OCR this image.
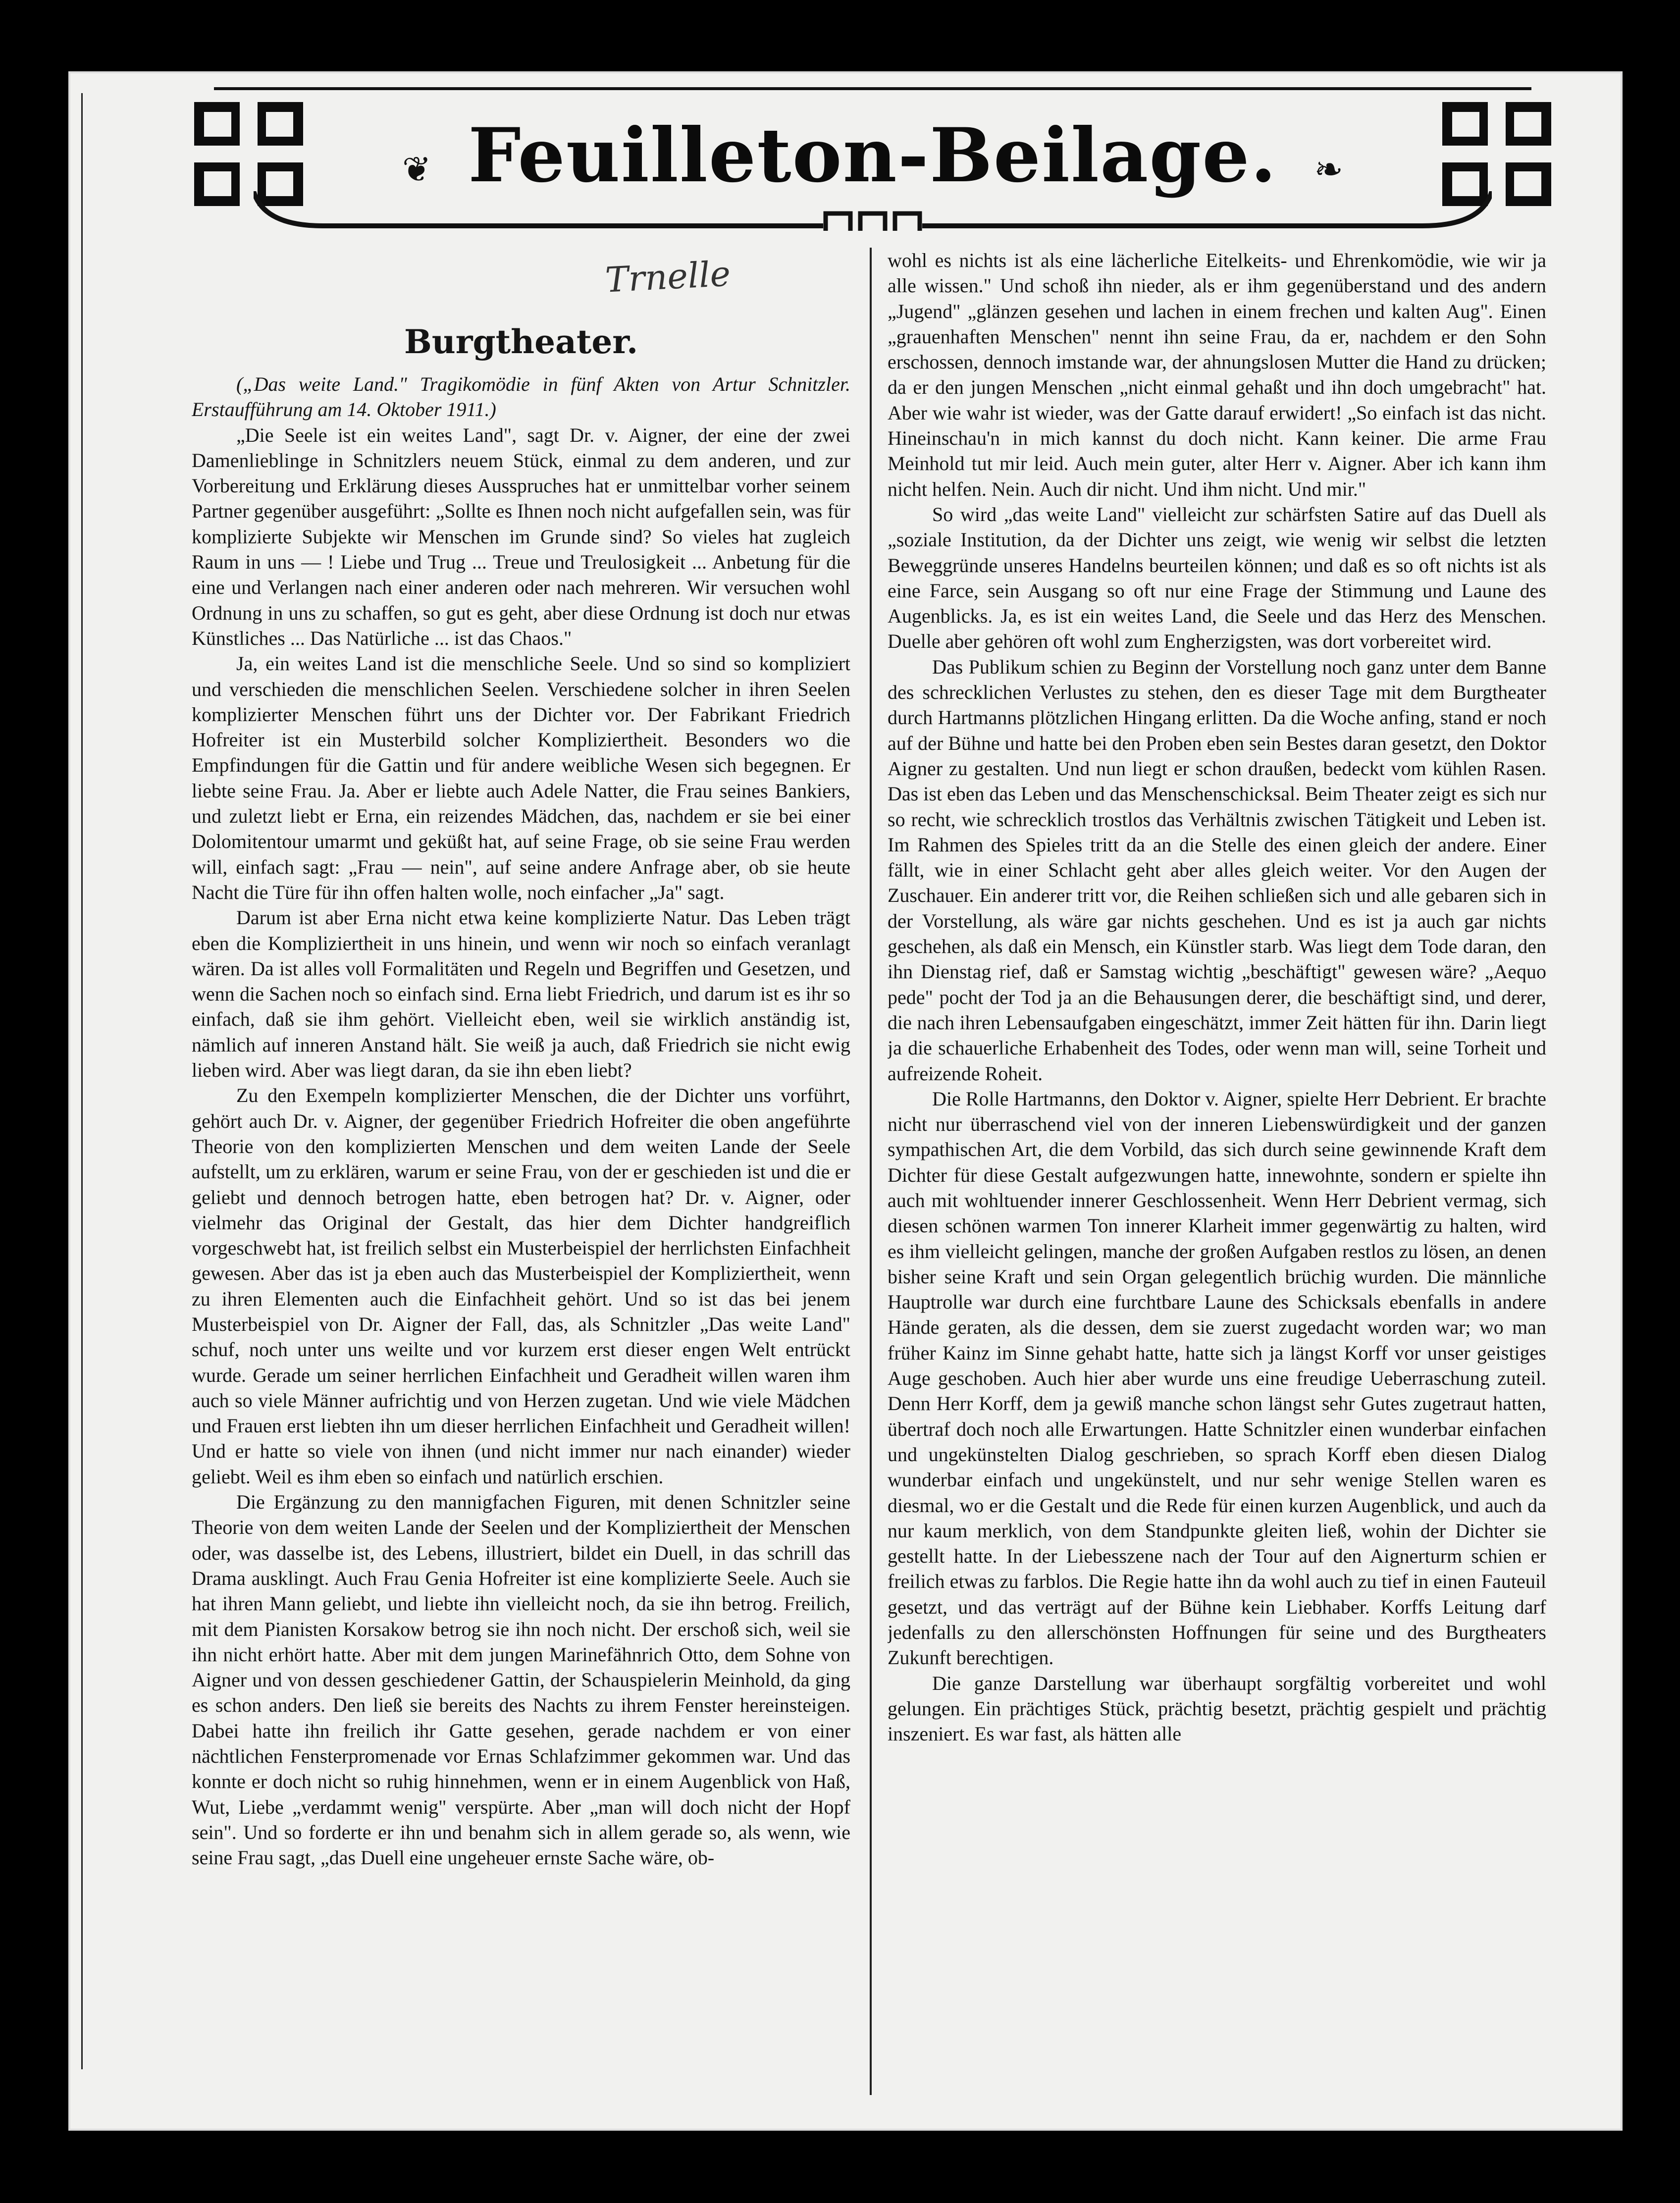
❦ Feuilleton-Beilage.	❧
Burgtheater.

(„Das weite Land." Tragikomödie in fünf Akten von Artur Schnitzler. Erstaufführung am 14. Oktober 1911.)

„Die Seele ist ein weites Land", sagt Dr. v. Aigner, der eine der zwei Damenlieblinge in Schnitzlers neuem Stück, einmal zu dem anderen, und zur Vorbereitung und Erklärung dieses Ausspruches hat er unmittelbar vorher seinem Partner gegenüber ausgeführt: „Sollte es Ihnen noch nicht aufgefallen sein, was für komplizierte Subjekte wir Menschen im Grunde sind? So vieles hat zugleich Raum in uns — ! Liebe und Trug ... Treue und Treulosigkeit ... Anbetung für die eine und Verlangen nach einer anderen oder nach mehreren. Wir versuchen wohl Ordnung in uns zu schaffen, so gut es geht, aber diese Ordnung ist doch nur etwas Künstliches ... Das Natürliche ... ist das Chaos."

Ja, ein weites Land ist die menschliche Seele. Und so sind so kompliziert und verschieden die menschlichen Seelen. Verschiedene solcher in ihren Seelen komplizierter Menschen führt uns der Dichter vor. Der Fabrikant Friedrich Hofreiter ist ein Musterbild solcher Kompliziertheit. Besonders wo die Empfindungen für die Gattin und für andere weibliche Wesen sich begegnen. Er liebte seine Frau. Ja. Aber er liebte auch Adele Natter, die Frau seines Bankiers, und zuletzt liebt er Erna, ein reizendes Mädchen, das, nachdem er sie bei einer Dolomitentour umarmt und geküßt hat, auf seine Frage, ob sie seine Frau werden will, einfach sagt: „Frau — nein", auf seine andere Anfrage aber, ob sie heute Nacht die Türe für ihn offen halten wolle, noch einfacher „Ja" sagt.

Darum ist aber Erna nicht etwa keine komplizierte Natur. Das Leben trägt eben die Kompliziertheit in uns hinein, und wenn wir noch so einfach veranlagt wären. Da ist alles voll Formalitäten und Regeln und Begriffen und Gesetzen, und wenn die Sachen noch so einfach sind. Erna liebt Friedrich, und darum ist es ihr so einfach, daß sie ihm gehört. Vielleicht eben, weil sie wirklich anständig ist, nämlich auf inneren Anstand hält. Sie weiß ja auch, daß Friedrich sie nicht ewig lieben wird. Aber was liegt daran, da sie ihn eben liebt?

Zu den Exempeln komplizierter Menschen, die der Dichter uns vorführt, gehört auch Dr. v. Aigner, der gegenüber Friedrich Hofreiter die oben angeführte Theorie von den komplizierten Menschen und dem weiten Lande der Seele aufstellt, um zu erklären, warum er seine Frau, von der er geschieden ist und die er geliebt und dennoch betrogen hatte, eben betrogen hat? Dr. v. Aigner, oder vielmehr das Original der Gestalt, das hier dem Dichter handgreiflich vorgeschwebt hat, ist freilich selbst ein Musterbeispiel der herrlichsten Einfachheit gewesen. Aber das ist ja eben auch das Musterbeispiel der Kompliziertheit, wenn zu ihren Elementen auch die Einfachheit gehört. Und so ist das bei jenem Musterbeispiel von Dr. Aigner der Fall, das, als Schnitzler „Das weite Land" schuf, noch unter uns weilte und vor kurzem erst dieser engen Welt entrückt wurde. Gerade um seiner herrlichen Einfachheit und Geradheit willen waren ihm auch so viele Männer aufrichtig und von Herzen zugetan. Und wie viele Mädchen und Frauen erst liebten ihn um dieser herrlichen Einfachheit und Geradheit willen! Und er hatte so viele von ihnen (und nicht immer nur nach einander) wieder geliebt. Weil es ihm eben so einfach und natürlich erschien.

Die Ergänzung zu den mannigfachen Figuren, mit denen Schnitzler seine Theorie von dem weiten Lande der Seelen und der Kompliziertheit der Menschen oder, was dasselbe ist, des Lebens, illustriert, bildet ein Duell, in das schrill das Drama ausklingt. Auch Frau Genia Hofreiter ist eine komplizierte Seele. Auch sie hat ihren Mann geliebt, und liebte ihn vielleicht noch, da sie ihn betrog. Freilich, mit dem Pianisten Korsakow betrog sie ihn noch nicht. Der erschoß sich, weil sie ihn nicht erhört hatte. Aber mit dem jungen Marinefähnrich Otto, dem Sohne von Aigner und von dessen geschiedener Gattin, der Schauspielerin Meinhold, da ging es schon anders. Den ließ sie bereits des Nachts zu ihrem Fenster hereinsteigen. Dabei hatte ihn freilich ihr Gatte gesehen, gerade nachdem er von einer nächtlichen Fensterpromenade vor Ernas Schlafzimmer gekommen war. Und das konnte er doch nicht so ruhig hinnehmen, wenn er in einem Augenblick von Haß, Wut, Liebe „verdammt wenig" verspürte. Aber „man will doch nicht der Hopf sein". Und so forderte er ihn und benahm sich in allem gerade so, als wenn, wie seine Frau sagt, „das Duell eine ungeheuer ernste Sache wäre, ob-

Trnelle	wohl es nichts ist als eine lächerliche Eitelkeits- und Ehrenkomödie, wie wir ja alle wissen." Und schoß ihn nieder, als er ihm gegenüberstand und des andern „Jugend" „glänzen gesehen und lachen in einem frechen und kalten Aug". Einen „grauenhaften Menschen" nennt ihn seine Frau, da er, nachdem er den Sohn erschossen, dennoch imstande war, der ahnungslosen Mutter die Hand zu drücken; da er den jungen Menschen „nicht einmal gehaßt und ihn doch umgebracht" hat. Aber wie wahr ist wieder, was der Gatte darauf erwidert! „So einfach ist das nicht. Hineinschau'n in mich kannst du doch nicht. Kann keiner. Die arme Frau Meinhold tut mir leid. Auch mein guter, alter Herr v. Aigner. Aber ich kann ihm nicht helfen. Nein. Auch dir nicht. Und ihm nicht. Und mir."

So wird „das weite Land" vielleicht zur schärfsten Satire auf das Duell als „soziale Institution, da der Dichter uns zeigt, wie wenig wir selbst die letzten Beweggründe unseres Handelns beurteilen können; und daß es so oft nichts ist als eine Farce, sein Ausgang so oft nur eine Frage der Stimmung und Laune des Augenblicks. Ja, es ist ein weites Land, die Seele und das Herz des Menschen. Duelle aber gehören oft wohl zum Engherzigsten, was dort vorbereitet wird.

Das Publikum schien zu Beginn der Vorstellung noch ganz unter dem Banne des schrecklichen Verlustes zu stehen, den es dieser Tage mit dem Burgtheater durch Hartmanns plötzlichen Hingang erlitten. Da die Woche anfing, stand er noch auf der Bühne und hatte bei den Proben eben sein Bestes daran gesetzt, den Doktor Aigner zu gestalten. Und nun liegt er schon draußen, bedeckt vom kühlen Rasen. Das ist eben das Leben und das Menschenschicksal. Beim Theater zeigt es sich nur so recht, wie schrecklich trostlos das Verhältnis zwischen Tätigkeit und Leben ist. Im Rahmen des Spieles tritt da an die Stelle des einen gleich der andere. Einer fällt, wie in einer Schlacht geht aber alles gleich weiter. Vor den Augen der Zuschauer. Ein anderer tritt vor, die Reihen schließen sich und alle gebaren sich in der Vorstellung, als wäre gar nichts geschehen. Und es ist ja auch gar nichts geschehen, als daß ein Mensch, ein Künstler starb. Was liegt dem Tode daran, den ihn Dienstag rief, daß er Samstag wichtig „beschäftigt" gewesen wäre? „Aequo pede" pocht der Tod ja an die Behausungen derer, die beschäftigt sind, und derer, die nach ihren Lebensaufgaben eingeschätzt, immer Zeit hätten für ihn. Darin liegt ja die schauerliche Erhabenheit des Todes, oder wenn man will, seine Torheit und aufreizende Roheit.

Die Rolle Hartmanns, den Doktor v. Aigner, spielte Herr Debrient. Er brachte nicht nur überraschend viel von der inneren Liebenswürdigkeit und der ganzen sympathischen Art, die dem Vorbild, das sich durch seine gewinnende Kraft dem Dichter für diese Gestalt aufgezwungen hatte, innewohnte, sondern er spielte ihn auch mit wohltuender innerer Geschlossenheit. Wenn Herr Debrient vermag, sich diesen schönen warmen Ton innerer Klarheit immer gegenwärtig zu halten, wird es ihm vielleicht gelingen, manche der großen Aufgaben restlos zu lösen, an denen bisher seine Kraft und sein Organ gelegentlich brüchig wurden. Die männliche Hauptrolle war durch eine furchtbare Laune des Schicksals ebenfalls in andere Hände geraten, als die dessen, dem sie zuerst zugedacht worden war; wo man früher Kainz im Sinne gehabt hatte, hatte sich ja längst Korff vor unser geistiges Auge geschoben. Auch hier aber wurde uns eine freudige Ueberraschung zuteil. Denn Herr Korff, dem ja gewiß manche schon längst sehr Gutes zugetraut hatten, übertraf doch noch alle Erwartungen. Hatte Schnitzler einen wunderbar einfachen und ungekünstelten Dialog geschrieben, so sprach Korff eben diesen Dialog wunderbar einfach und ungekünstelt, und nur sehr wenige Stellen waren es diesmal, wo er die Gestalt und die Rede für einen kurzen Augenblick, und auch da nur kaum merklich, von dem Standpunkte gleiten ließ, wohin der Dichter sie gestellt hatte. In der Liebesszene nach der Tour auf den Aignerturm schien er freilich etwas zu farblos. Die Regie hatte ihn da wohl auch zu tief in einen Fauteuil gesetzt, und das verträgt auf der Bühne kein Liebhaber. Korffs Leitung darf jedenfalls zu den allerschönsten Hoffnungen für seine und des Burgtheaters Zukunft berechtigen.

Die ganze Darstellung war überhaupt sorgfältig vorbereitet und wohl gelungen. Ein prächtiges Stück, prächtig besetzt, prächtig gespielt und prächtig inszeniert. Es war fast, als hätten alle
